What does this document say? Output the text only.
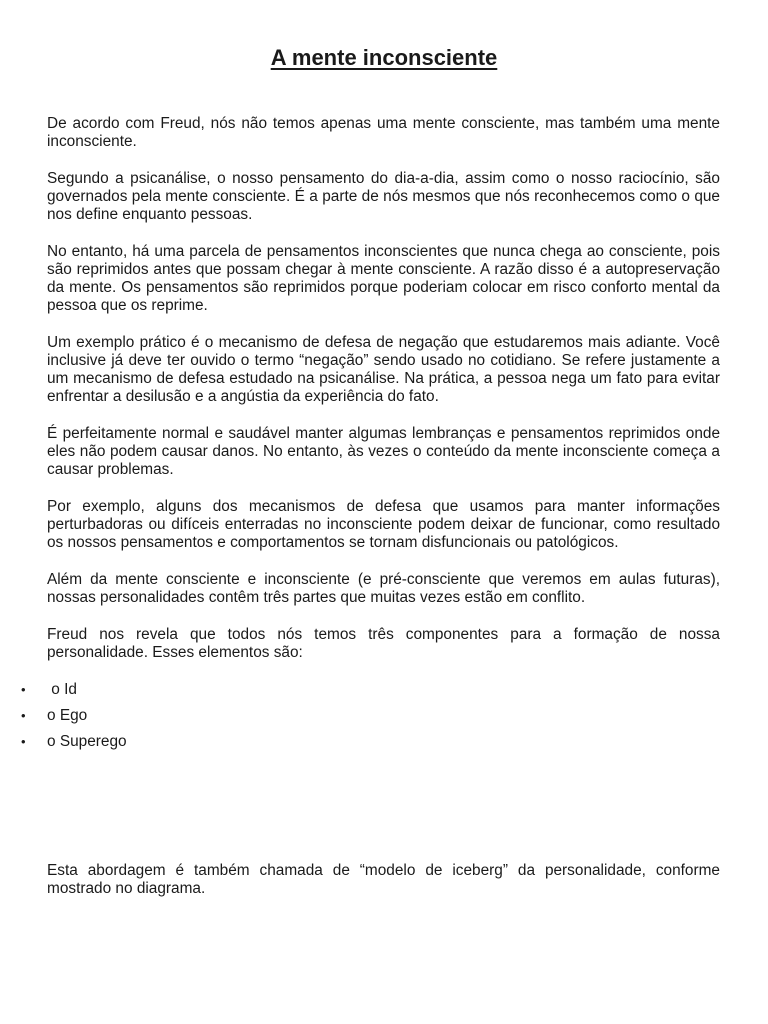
A mente inconsciente

De acordo com Freud, nós não temos apenas uma mente consciente, mas também uma mente inconsciente.

Segundo a psicanálise, o nosso pensamento do dia-a-dia, assim como o nosso raciocínio, são governados pela mente consciente. É a parte de nós mesmos que nós reconhecemos como o que nos define enquanto pessoas.

No entanto, há uma parcela de pensamentos inconscientes que nunca chega ao consciente, pois são reprimidos antes que possam chegar à mente consciente. A razão disso é a autopreservação da mente. Os pensamentos são reprimidos porque poderiam colocar em risco conforto mental da pessoa que os reprime.

Um exemplo prático é o mecanismo de defesa de negação que estudaremos mais adiante. Você inclusive já deve ter ouvido o termo “negação” sendo usado no cotidiano. Se refere justamente a um mecanismo de defesa estudado na psicanálise. Na prática, a pessoa nega um fato para evitar enfrentar a desilusão e a angústia da experiência do fato.

É perfeitamente normal e saudável manter algumas lembranças e pensamentos reprimidos onde eles não podem causar danos. No entanto, às vezes o conteúdo da mente inconsciente começa a causar problemas.

Por exemplo, alguns dos mecanismos de defesa que usamos para manter informações perturbadoras ou difíceis enterradas no inconsciente podem deixar de funcionar, como resultado os nossos pensamentos e comportamentos se tornam disfuncionais ou patológicos.

Além da mente consciente e inconsciente (e pré-consciente que veremos em aulas futuras), nossas personalidades contêm três partes que muitas vezes estão em conflito.

Freud nos revela que todos nós temos três componentes para a formação de nossa personalidade. Esses elementos são:

• o Id
• o Ego
• o Superego

Esta abordagem é também chamada de “modelo de iceberg” da personalidade, conforme mostrado no diagrama.
